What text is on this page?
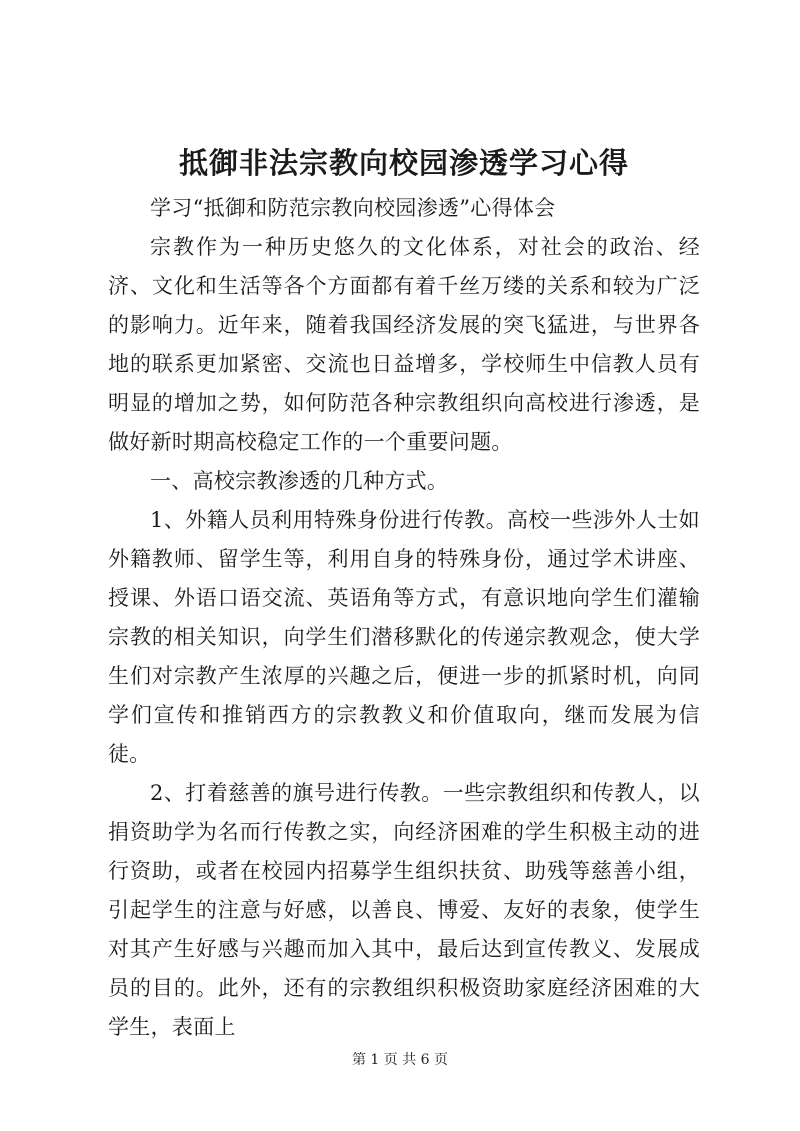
抵御非法宗教向校园渗透学习心得

学习“抵御和防范宗教向校园渗透”心得体会

宗教作为一种历史悠久的文化体系，对社会的政治、经济、文化和生活等各个方面都有着千丝万缕的关系和较为广泛的影响力。近年来，随着我国经济发展的突飞猛进，与世界各地的联系更加紧密、交流也日益增多，学校师生中信教人员有明显的增加之势，如何防范各种宗教组织向高校进行渗透，是做好新时期高校稳定工作的一个重要问题。

一、高校宗教渗透的几种方式。

1、外籍人员利用特殊身份进行传教。高校一些涉外人士如外籍教师、留学生等，利用自身的特殊身份，通过学术讲座、授课、外语口语交流、英语角等方式，有意识地向学生们灌输宗教的相关知识，向学生们潜移默化的传递宗教观念，使大学生们对宗教产生浓厚的兴趣之后，便进一步的抓紧时机，向同学们宣传和推销西方的宗教教义和价值取向，继而发展为信徒。

2、打着慈善的旗号进行传教。一些宗教组织和传教人，以捐资助学为名而行传教之实，向经济困难的学生积极主动的进行资助，或者在校园内招募学生组织扶贫、助残等慈善小组，引起学生的注意与好感，以善良、博爱、友好的表象，使学生对其产生好感与兴趣而加入其中，最后达到宣传教义、发展成员的目的。此外，还有的宗教组织积极资助家庭经济困难的大学生，表面上

第 1 页 共 6 页
